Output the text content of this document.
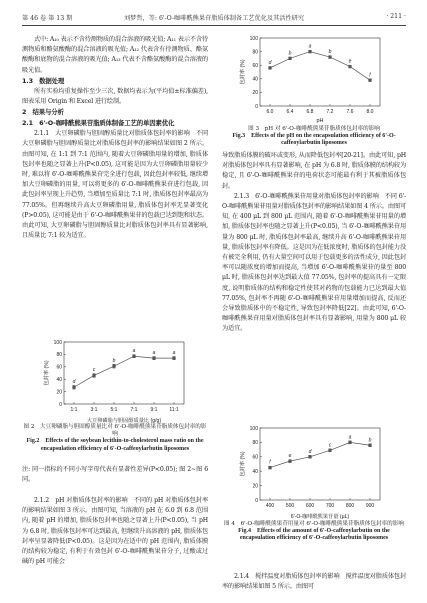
第 46 卷 第 13 期	刘梦哲，等: 6'-O-咖啡酰熊果苷脂质体制备工艺优化及其活性研究	· 211 ·

式中: A₁₀ 表示不含待测物质的混合溶液的吸光值; A₁₁ 表示不含待测物质和酪氨酸酶的混合溶液的吸光值; A₁₂ 代表含有待测物质、酪氨酸酶和底物的混合溶液的吸光值; A₁₃ 代表不含酪氨酸酶的混合溶液的吸光值。

1.3　数据处理

所有实验均重复操作至少三次, 数据均表示为(平均值±标准偏差), 图表采用 Origin 和 Excel 进行绘制。

2　结果与分析
2.1　6'-O-咖啡酰熊果苷脂质体制备工艺的单因素优化

2.1.1　大豆卵磷脂与胆固醇质量比对脂质体包封率的影响　不同大豆卵磷脂与胆固醇质量比对脂质体包封率的影响结果如图 2 所示。由图可知, 在 1:1 到 7:1 范围内, 随着大豆卵磷脂用量的增加, 脂质体包封率也随之显著上升(P<0.05), 这可能是因为大豆卵磷脂用量较少时, 难以将 6'-O-咖啡酰熊果苷完全进行包载, 因此包封率较低, 继续增加大豆卵磷脂的用量, 可以将更多的 6'-O-咖啡酰熊果苷进行包载, 因此包封率呈现上升趋势, 当增加至质量比 7:1 时, 脂质体包封率最高为 77.05%。但再继续升高大豆卵磷脂用量, 脂质体包封率无显著变化(P>0.05), 这可能是由于 6'-O-咖啡酰熊果苷的包载已达到饱和状态。由此可知, 大豆卵磷脂与胆固醇质量比对脂质体包封率具有显著影响, 且质量比 7:1 较为适宜。

0
20
40
60
80
100
1:1	3:1	5:1	7:1	9:1 11:1
包封率 (%)
大豆卵磷脂与胆固醇质量比 (g/g)
d
c
b
a	a	a
图 2　大豆卵磷脂与胆固醇质量比对 6'-O-咖啡酰熊果苷脂质体包封率的影响
Fig.2　Effects of the soybean lecithin-to-cholesterol mass ratio on the encapsulation efficiency of 6'-O-caffeoylarbutin liposomes

注: 同一指标的不同小写字母代表有显著性差异(P<0.05); 图 2~图 6 同。

2.1.2　pH 对脂质体包封率的影响　不同的 pH 对脂质体包封率的影响结果如图 3 所示。由图可知, 当溶液的 pH 在 6.0 到 6.8 范围内, 随着 pH 的增加, 脂质体包封率也随之显著上升(P<0.05), 当 pH 为 6.8 时, 脂质体包封率可达到最高, 但继续升高溶液的 pH, 脂质体包封率呈显著降低(P<0.05)。这是因为在适中的 pH 范围内, 脂质体膜的结构较为稳定, 有利于有效包封 6'-O-咖啡酰熊果苷分子, 过酸或过碱的 pH 可能会

0
20
40
60
80
100
6.0	6.4	6.8	7.2	7.6	8.0
包封率 (%)
pH
d
b
a
b
e
f
图 3　pH 对 6'-O-咖啡酰熊果苷脂质体包封率的影响
Fig.3　Effects of the pH on the encapsulation efficiency of 6'-O-caffeoylarbutin liposomes

导致脂质体膜的破坏或变形, 从而降低包封率[20-21]。由此可知, pH 对脂质体包封率具有显著影响, 在 pH 为 6.8 时, 脂质体膜的结构较为稳定, 且 6'-O-咖啡酰熊果苷的电荷状态可能最有利于其被脂质体包封。

2.1.3　6'-O-咖啡酰熊果苷用量对脂质体包封率的影响　不同 6'-O-咖啡酰熊果苷用量对脂质体包封率的影响结果如图 4 所示。由图可知, 在 400 μL 到 800 μL 范围内, 随着 6'-O-咖啡酰熊果苷用量的增加, 脂质体包封率也随之显著上升(P<0.05), 当 6'-O-咖啡酰熊果苷用量为 800 μL 时, 脂质体包封率最高, 继续升高 6'-O-咖啡酰熊果苷用量, 脂质体包封率有降低。这是因为在低浓度时, 脂质体的包封能力没有被完全利用, 仍有大量空间可以用于包载更多的活性成分, 因此包封率可以随浓度的增加而提高, 当增加 6'-O-咖啡酰熊果苷的量至 800 μL 时, 脂质体包封率达到最大值 77.05%, 包封率的提高具有一定限度, 说明脂质体的结构和稳定性使其对药物的包载能力已达到最大值 77.05%, 包封率不再随 6'-O-咖啡酰熊果苷用量增加而提高, 反而还会导致脂质体中的不稳定性, 导致包封率降低[22]。由此可知, 6'-O-咖啡酰熊果苷用量对脂质体包封率具有显著影响, 用量为 800 μL 较为适宜。

0
20
40
60
80
100
400 500 600 700 800 900
包封率 (%)
6'-O-咖啡酰熊果苷量 (μL)
f
e
d
c
a	b
图 4　6'-O-咖啡酰熊果苷用量对 6'-O-咖啡酰熊果苷脂质体包封率的影响
Fig.4　Effects of the amount of 6'-O-caffeoylarbutin on the encapsulation efficiency of 6'-O-caffeoylarbutin liposomes

2.1.4　搅拌温度对脂质体包封率的影响　搅拌温度对脂质体包封率的影响结果如图 5 所示。由图可
